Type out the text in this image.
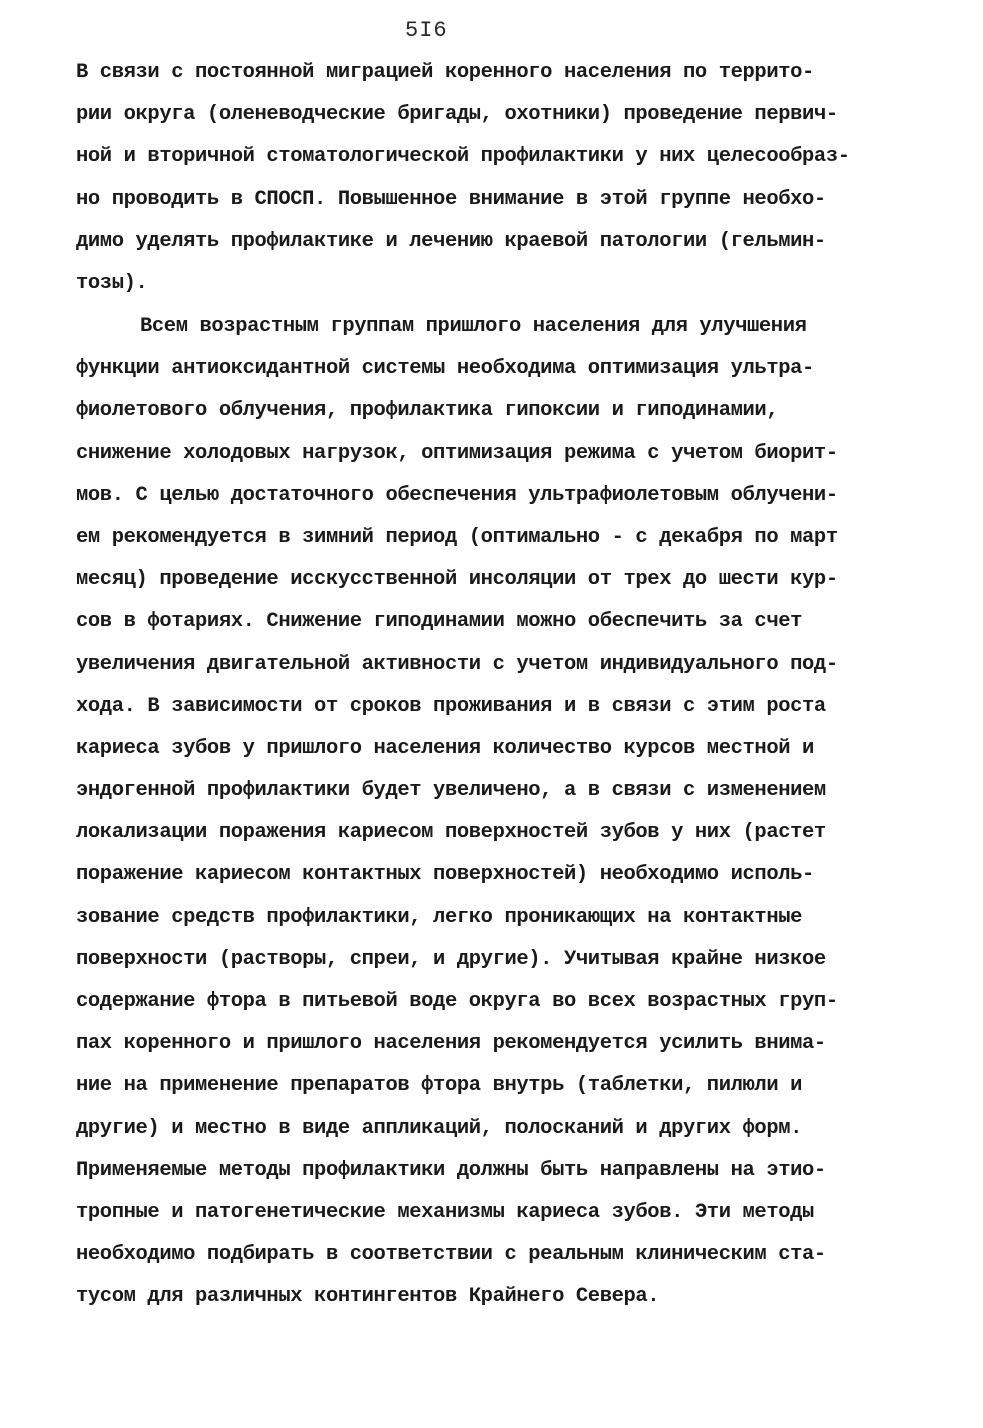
5I6
В связи с постоянной миграцией коренного населения по террито-
рии округа (оленеводческие бригады, охотники) проведение первич-
ной и вторичной стоматологической профилактики у них целесообраз-
но проводить в СПОСП. Повышенное внимание в этой группе необхо-
димо уделять профилактике и лечению краевой патологии (гельмин-
тозы).
Всем возрастным группам пришлого населения для улучшения
функции антиоксидантной системы необходима оптимизация ультра-
фиолетового облучения, профилактика гипоксии и гиподинамии,
снижение холодовых нагрузок, оптимизация режима с учетом биорит-
мов. С целью достаточного обеспечения ультрафиолетовым облучени-
ем рекомендуется в зимний период (оптимально - с декабря по март
месяц) проведение исскусственной инсоляции от трех до шести кур-
сов в фотариях. Снижение гиподинамии можно обеспечить за счет
увеличения двигательной активности с учетом индивидуального под-
хода. В зависимости от сроков проживания и в связи с этим роста
кариеса зубов у пришлого населения количество курсов местной и
эндогенной профилактики будет увеличено, а в связи с изменением
локализации поражения кариесом поверхностей зубов у них (растет
поражение кариесом контактных поверхностей) необходимо исполь-
зование средств профилактики, легко проникающих на контактные
поверхности (растворы, спреи, и другие). Учитывая крайне низкое
содержание фтора в питьевой воде округа во всех возрастных груп-
пах коренного и пришлого населения рекомендуется усилить внима-
ние на применение препаратов фтора внутрь (таблетки, пилюли и
другие) и местно в виде аппликаций, полосканий и других форм.
Применяемые методы профилактики должны быть направлены на этио-
тропные и патогенетические механизмы кариеса зубов. Эти методы
необходимо подбирать в соответствии с реальным клиническим ста-
тусом для различных контингентов Крайнего Севера.
